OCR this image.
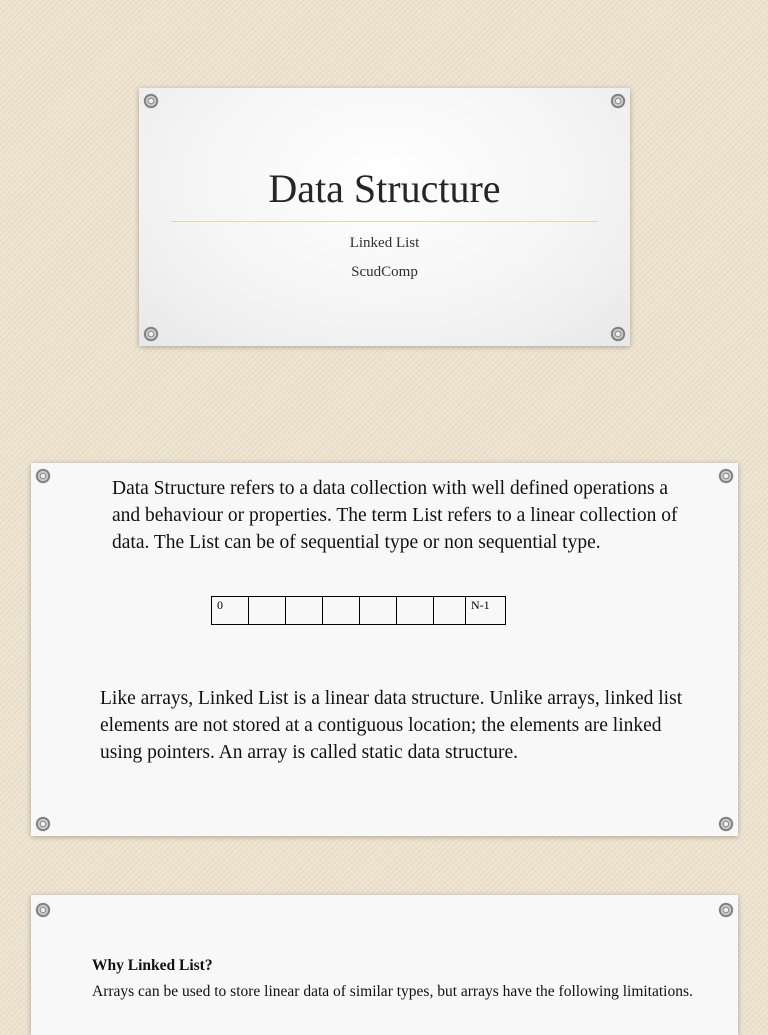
Data Structure
Linked List
ScudComp

Data Structure refers to a data collection with well defined operations a and behaviour or properties. The term List refers to a linear collection of data. The List can be of sequential type or non sequential type.

0							N-1

Like arrays, Linked List is a linear data structure. Unlike arrays, linked list elements are not stored at a contiguous location; the elements are linked using pointers. An array is called static data structure.

Why Linked List?

Arrays can be used to store linear data of similar types, but arrays have the following limitations.
